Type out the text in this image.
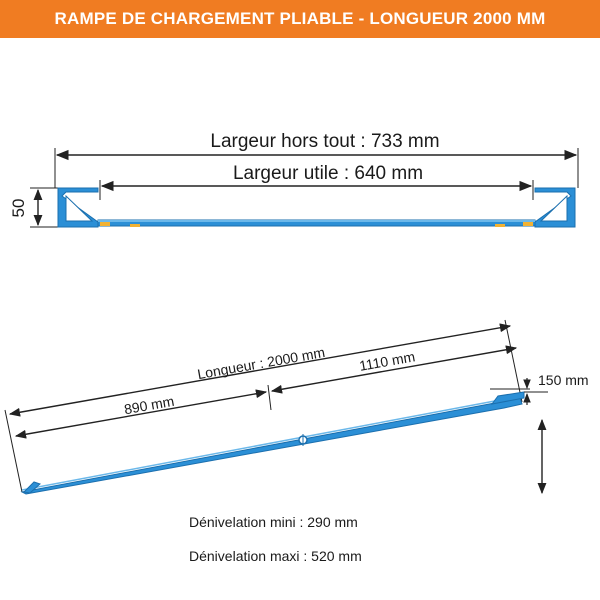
RAMPE DE CHARGEMENT PLIABLE - LONGUEUR 2000 MM
Largeur hors tout : 733 mm
Largeur utile : 640 mm
50
Longueur : 2000 mm
890 mm
1110 mm
150 mm
Dénivelation mini : 290 mm
Dénivelation maxi : 520 mm
